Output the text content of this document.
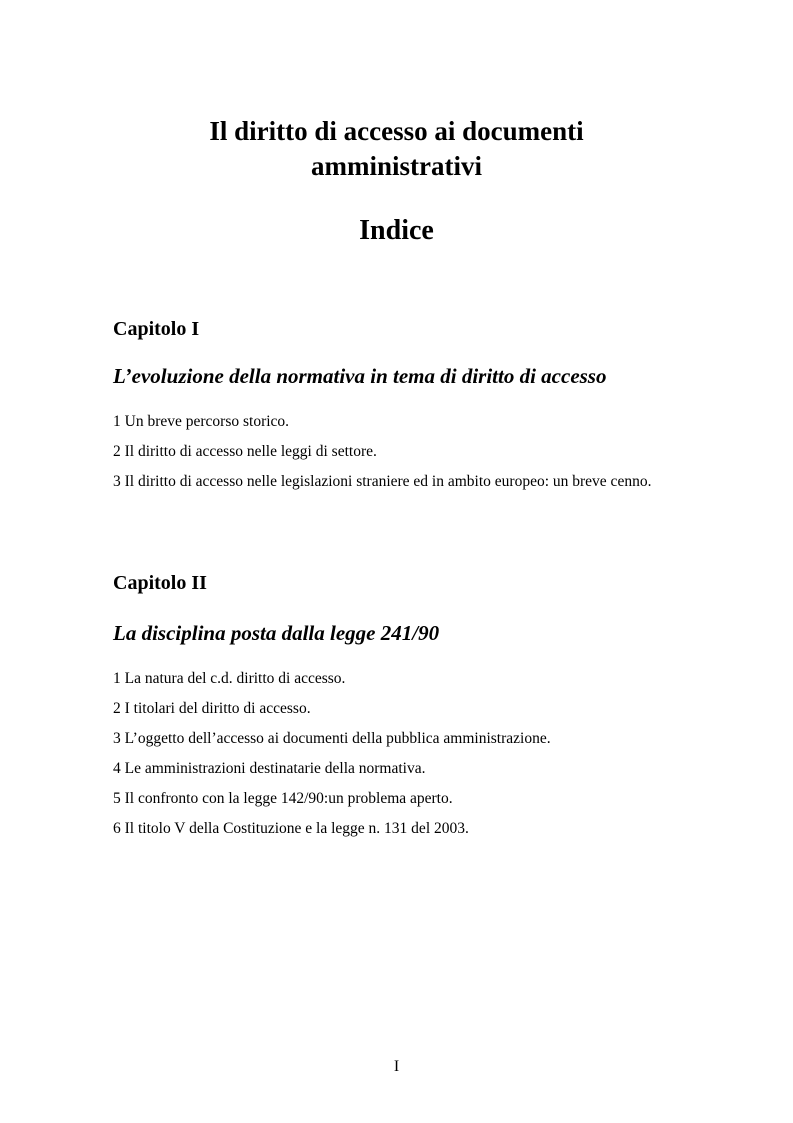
Il diritto di accesso ai documenti
amministrativi
Indice
Capitolo I
L’evoluzione della normativa in tema di diritto di accesso
1 Un breve percorso storico.
2 Il diritto di accesso nelle leggi di settore.
3 Il diritto di accesso nelle legislazioni straniere ed in ambito europeo: un breve cenno.
Capitolo II
La disciplina posta dalla legge 241/90
1 La natura del c.d. diritto di accesso.
2 I titolari del diritto di accesso.
3 L’oggetto dell’accesso ai documenti della pubblica amministrazione.
4 Le amministrazioni destinatarie della normativa.
5 Il confronto con la legge 142/90:un problema aperto.
6 Il titolo V della Costituzione e la legge n. 131 del 2003.
I
